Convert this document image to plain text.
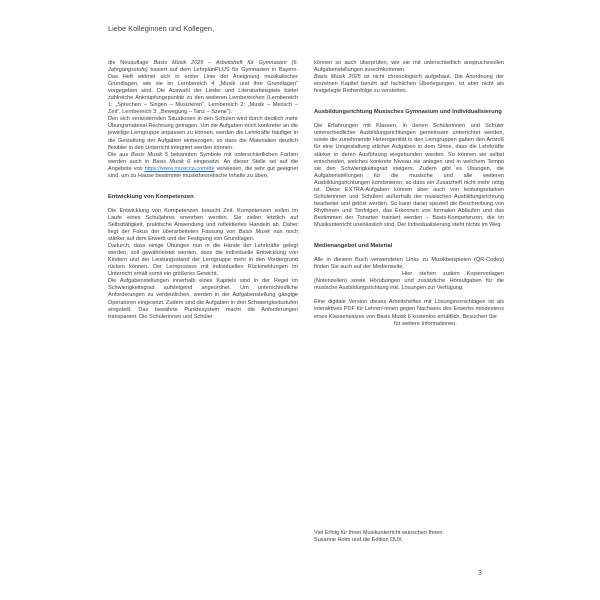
Liebe Kolleginnen und Kollegen,

die Neuauflage Basis Musik 2025 – Arbeitsheft für Gymnasien (6. Jahrgangsstufe) basiert auf dem LehrplanPLUS für Gymnasien in Bayern. Das Heft widmet sich in erster Linie der Aneignung musikalischer Grundlagen, wie sie im Lernbereich 4 „Musik und ihre Grundlagen“ vorgegeben sind. Die Auswahl der Lieder und Literaturbeispiele bietet zahlreiche Anknüpfungspunkte zu den weiteren Lernbereichen (Lernbereich 1: „Sprechen – Singen – Musizieren“, Lernbereich 2: „Musik – Mensch – Zeit“, Lernbereich 3: „Bewegung – Tanz – Szene“).

Den sich verändernden Situationen in den Schulen wird durch deutlich mehr Übungsmaterial Rechnung getragen. Um die Aufgaben noch konkreter an die jeweilige Lerngruppe anpassen zu können, werden die Lehrkräfte häufiger in die Gestaltung der Aufgaben einbezogen, so dass die Materialien deutlich flexibler in den Unterricht integriert werden können.

Die aus Basis Musik 5 bekannten Symbole mit unterschiedlichen Farben werden auch in Basis Musik 6 eingesetzt. An dieser Stelle sei auf die Angebote von https://www.musicca.com/de verwiesen, die sehr gut geeignet sind, um zu Hause bestimmte musiktheoretische Inhalte zu üben.

Entwicklung von Kompetenzen

Die Entwicklung von Kompetenzen braucht Zeit. Kompetenzen sollen im Laufe eines Schuljahres erworben werden. Sie zielen letztlich auf Selbsttätigkeit, praktische Anwendung und reflektiertes Handeln ab. Daher liegt der Fokus der überarbeiteten Fassung von Basis Musik nun noch stärker auf dem Erwerb und der Festigung von Grundlagen.

Dadurch, dass einige Übungen nun in die Hände der Lehrkräfte gelegt werden, soll gewährleistet werden, dass die individuelle Entwicklung von Kindern und der Leistungsstand der Lerngruppe mehr in den Vordergrund rücken können. Der Lernprozess mit individuellen Rückmeldungen im Unterricht erhält somit ein größeres Gewicht.

Die Aufgabenstellungen innerhalb eines Kapitels sind in der Regel im Schwierigkeitsgrad aufsteigend angeordnet. Um unterschiedliche Anforderungen zu verdeutlichen, werden in der Aufgabenstellung gängige Operatoren eingesetzt. Zudem sind die Aufgaben in drei Schwierigkeitsstufen eingeteilt. Das bewährte Punktesystem macht die Anforderungen transparent. Die Schülerinnen und Schüler

können so auch überprüfen, wie sie mit unterschiedlich anspruchsvollen Aufgabenstellungen zurechtkommen.

Basis Musik 2025 ist nicht chronologisch aufgebaut. Die Anordnung der einzelnen Kapitel beruht auf fachlichen Überlegungen, ist aber nicht als festgelegte Reihenfolge zu verstehen.

Ausbildungsrichtung Musisches Gymnasium und Individualisierung

Die Erfahrungen mit Klassen, in denen Schülerinnen und Schüler unterschiedlicher Ausbildungsrichtungen gemeinsam unterrichtet werden, sowie die zunehmende Heterogenität in den Lerngruppen gaben den Anstoß für eine Umgestaltung etlicher Aufgaben in dem Sinne, dass die Lehrkräfte stärker in deren Ausführung eingebunden werden. So können sie selbst entscheiden, welches konkrete Niveau sie anlegen und in welchem Tempo sie den Schwierigkeitsgrad steigern. Zudem gibt es Übungen, die Aufgabenstellungen für die musische und alle weiteren Ausbildungsrichtungen kombinieren, so dass ein Zusatzheft nicht mehr nötig ist. Diese EXTRA-Aufgaben können aber auch von leistungsstarken Schülerinnen und Schülern außerhalb der musischen Ausbildungsrichtung bearbeitet und gelöst werden. So kann daran speziell die Beschreibung von Rhythmen und Tonfolgen, das Erkennen von formalen Abläufen und das Bestimmen der Tonarten trainiert werden – Basis-Kompetenzen, die im Musikunterricht unerlässlich sind. Der Individualisierung steht nichts im Weg.

Medienangebot und Material

Alle in diesem Buch verwendeten Links zu Musikbeispielen (QR-Codes) finden Sie auch auf der Medienseite.

Hier stehen zudem Kopiervorlagen (Notenzeilen) sowie Hörübungen und zusätzliche Höraufgaben für die musische Ausbildungsrichtung inkl. Lösungen zur Verfügung.

Eine digitale Version dieses Arbeitsheftes mit Lösungsvorschlägen ist als interaktives PDF für Lehrer/-innen gegen Nachweis des Erwerbs mindestens eines Klassensatzes von Basis Musik 6 kostenlos erhältlich. Besuchen Sie

für weitere Informationen.

Viel Erfolg für Ihren Musikunterricht wünschen Ihnen

Susanne Holm und die Edition DUX.

3
